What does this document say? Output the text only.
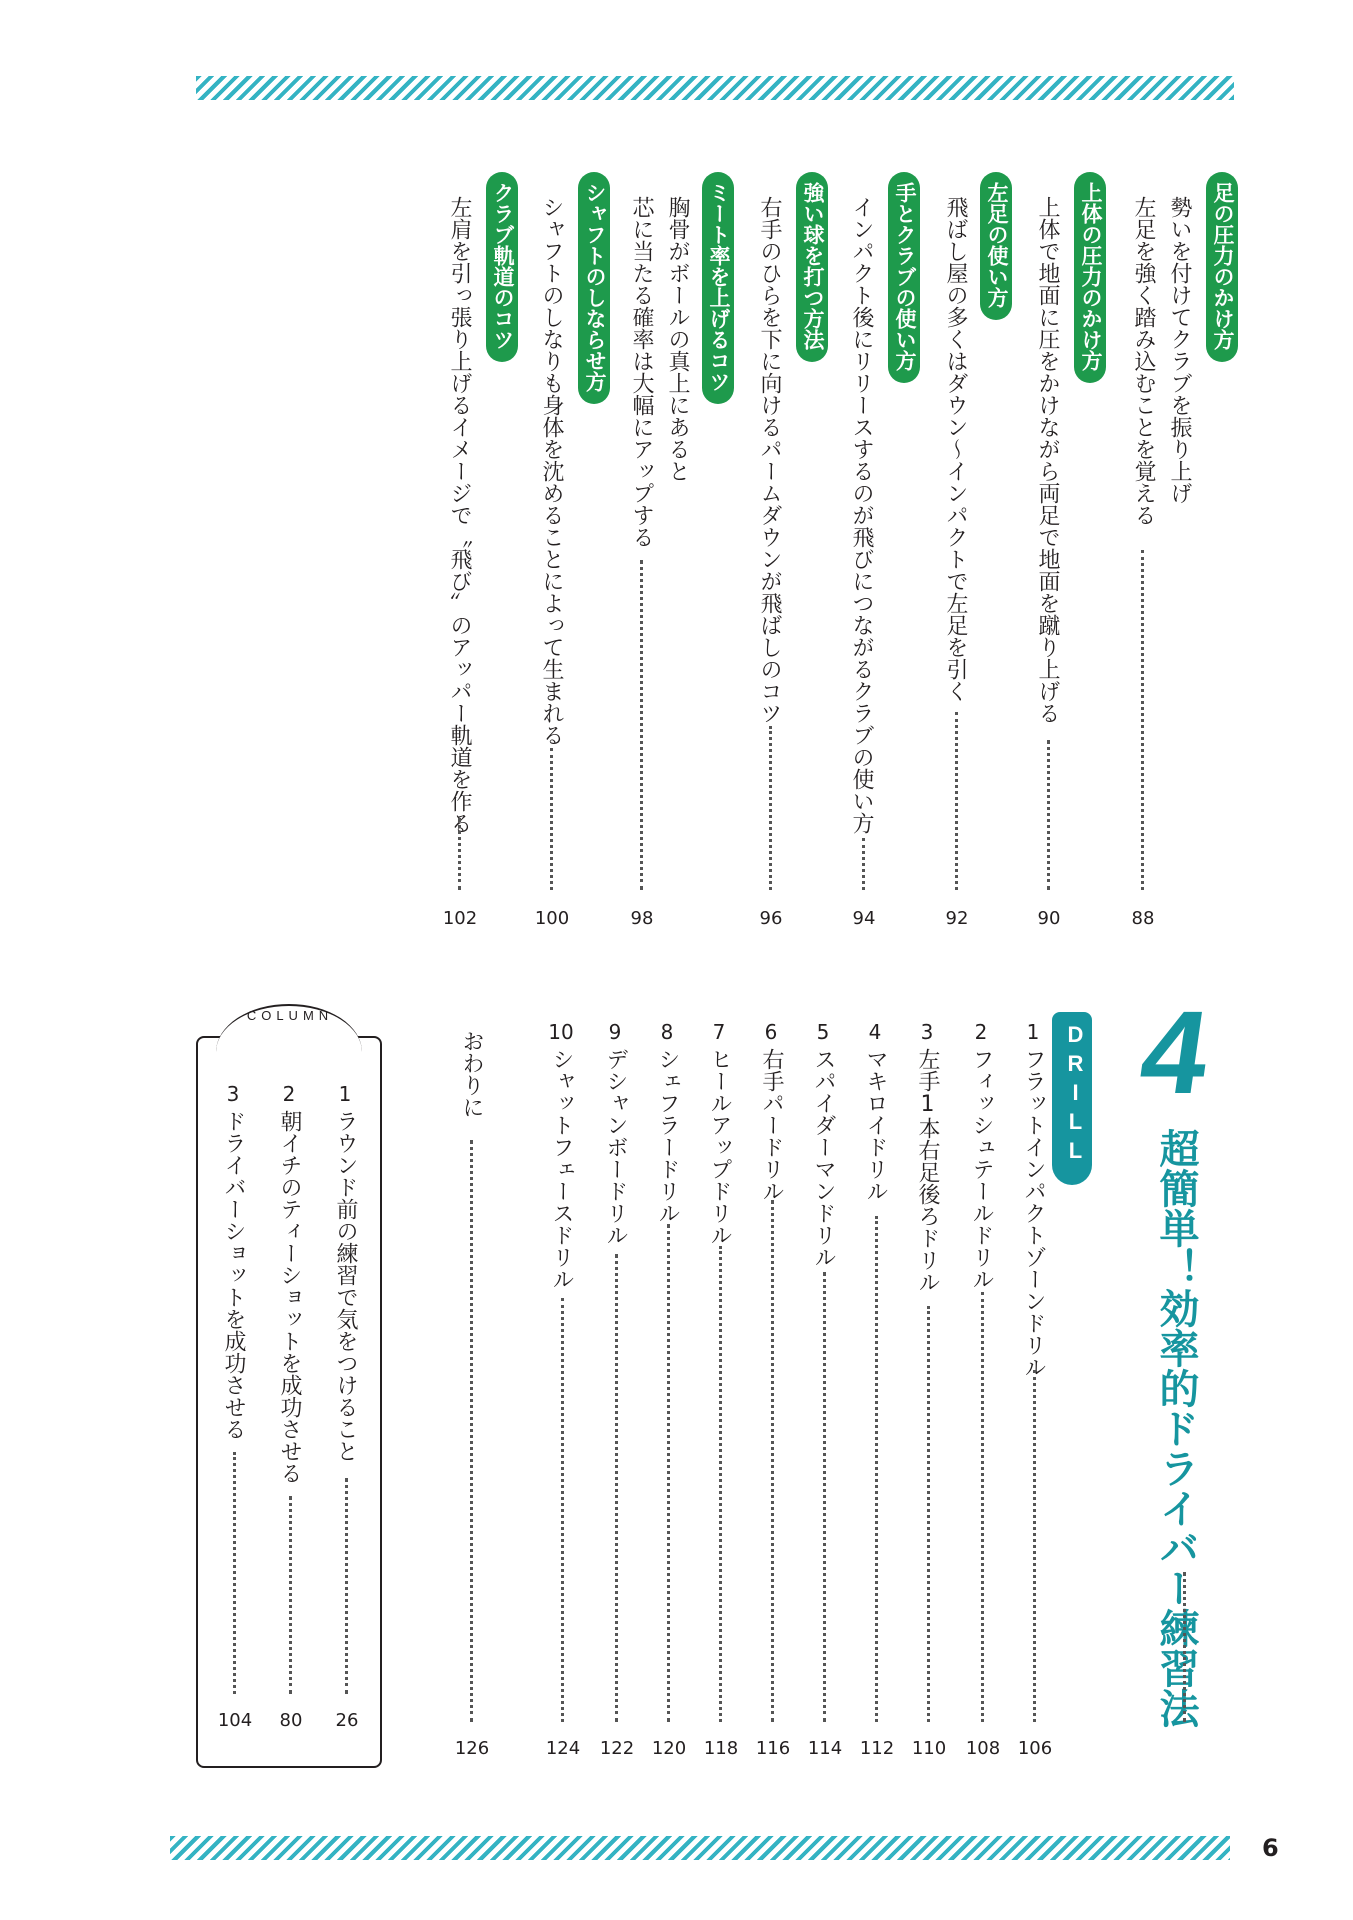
6
足の圧力のかけ方
勢いを付けてクラブを振り上げ
左足を強く踏み込むことを覚える
88
上体の圧力のかけ方
上体で地面に圧をかけながら両足で地面を蹴り上げる
90
左足の使い方
飛ばし屋の多くはダウン〜インパクトで左足を引く
92
手とクラブの使い方
インパクト後にリリースするのが飛びにつながるクラブの使い方
94
強い球を打つ方法
右手のひらを下に向けるパームダウンが飛ばしのコツ
96
ミート率を上げるコツ
胸骨がボールの真上にあると
芯に当たる確率は大幅にアップする
98
シャフトのしならせ方
シャフトのしなりも身体を沈めることによって生まれる
100
クラブ軌道のコツ
左肩を引っ張り上げるイメージで〝飛び〟のアッパー軌道を作る
102
4
超簡単！効率的ドライバー練習法
DRILL
1
フラットインパクトゾーンドリル
106
2
フィッシュテールドリル
108
3
左手1本右足後ろドリル
110
4
マキロイドリル
112
5
スパイダーマンドリル
114
6
右手パードリル
116
7
ヒールアップドリル
118
8
シェフラードリル
120
9
デシャンボードリル
122
10
シャットフェースドリル
124
おわりに
126
COLUMN
1
ラウンド前の練習で気をつけること
26
2
朝イチのティーショットを成功させる
80
3
ドライバーショットを成功させる
104
